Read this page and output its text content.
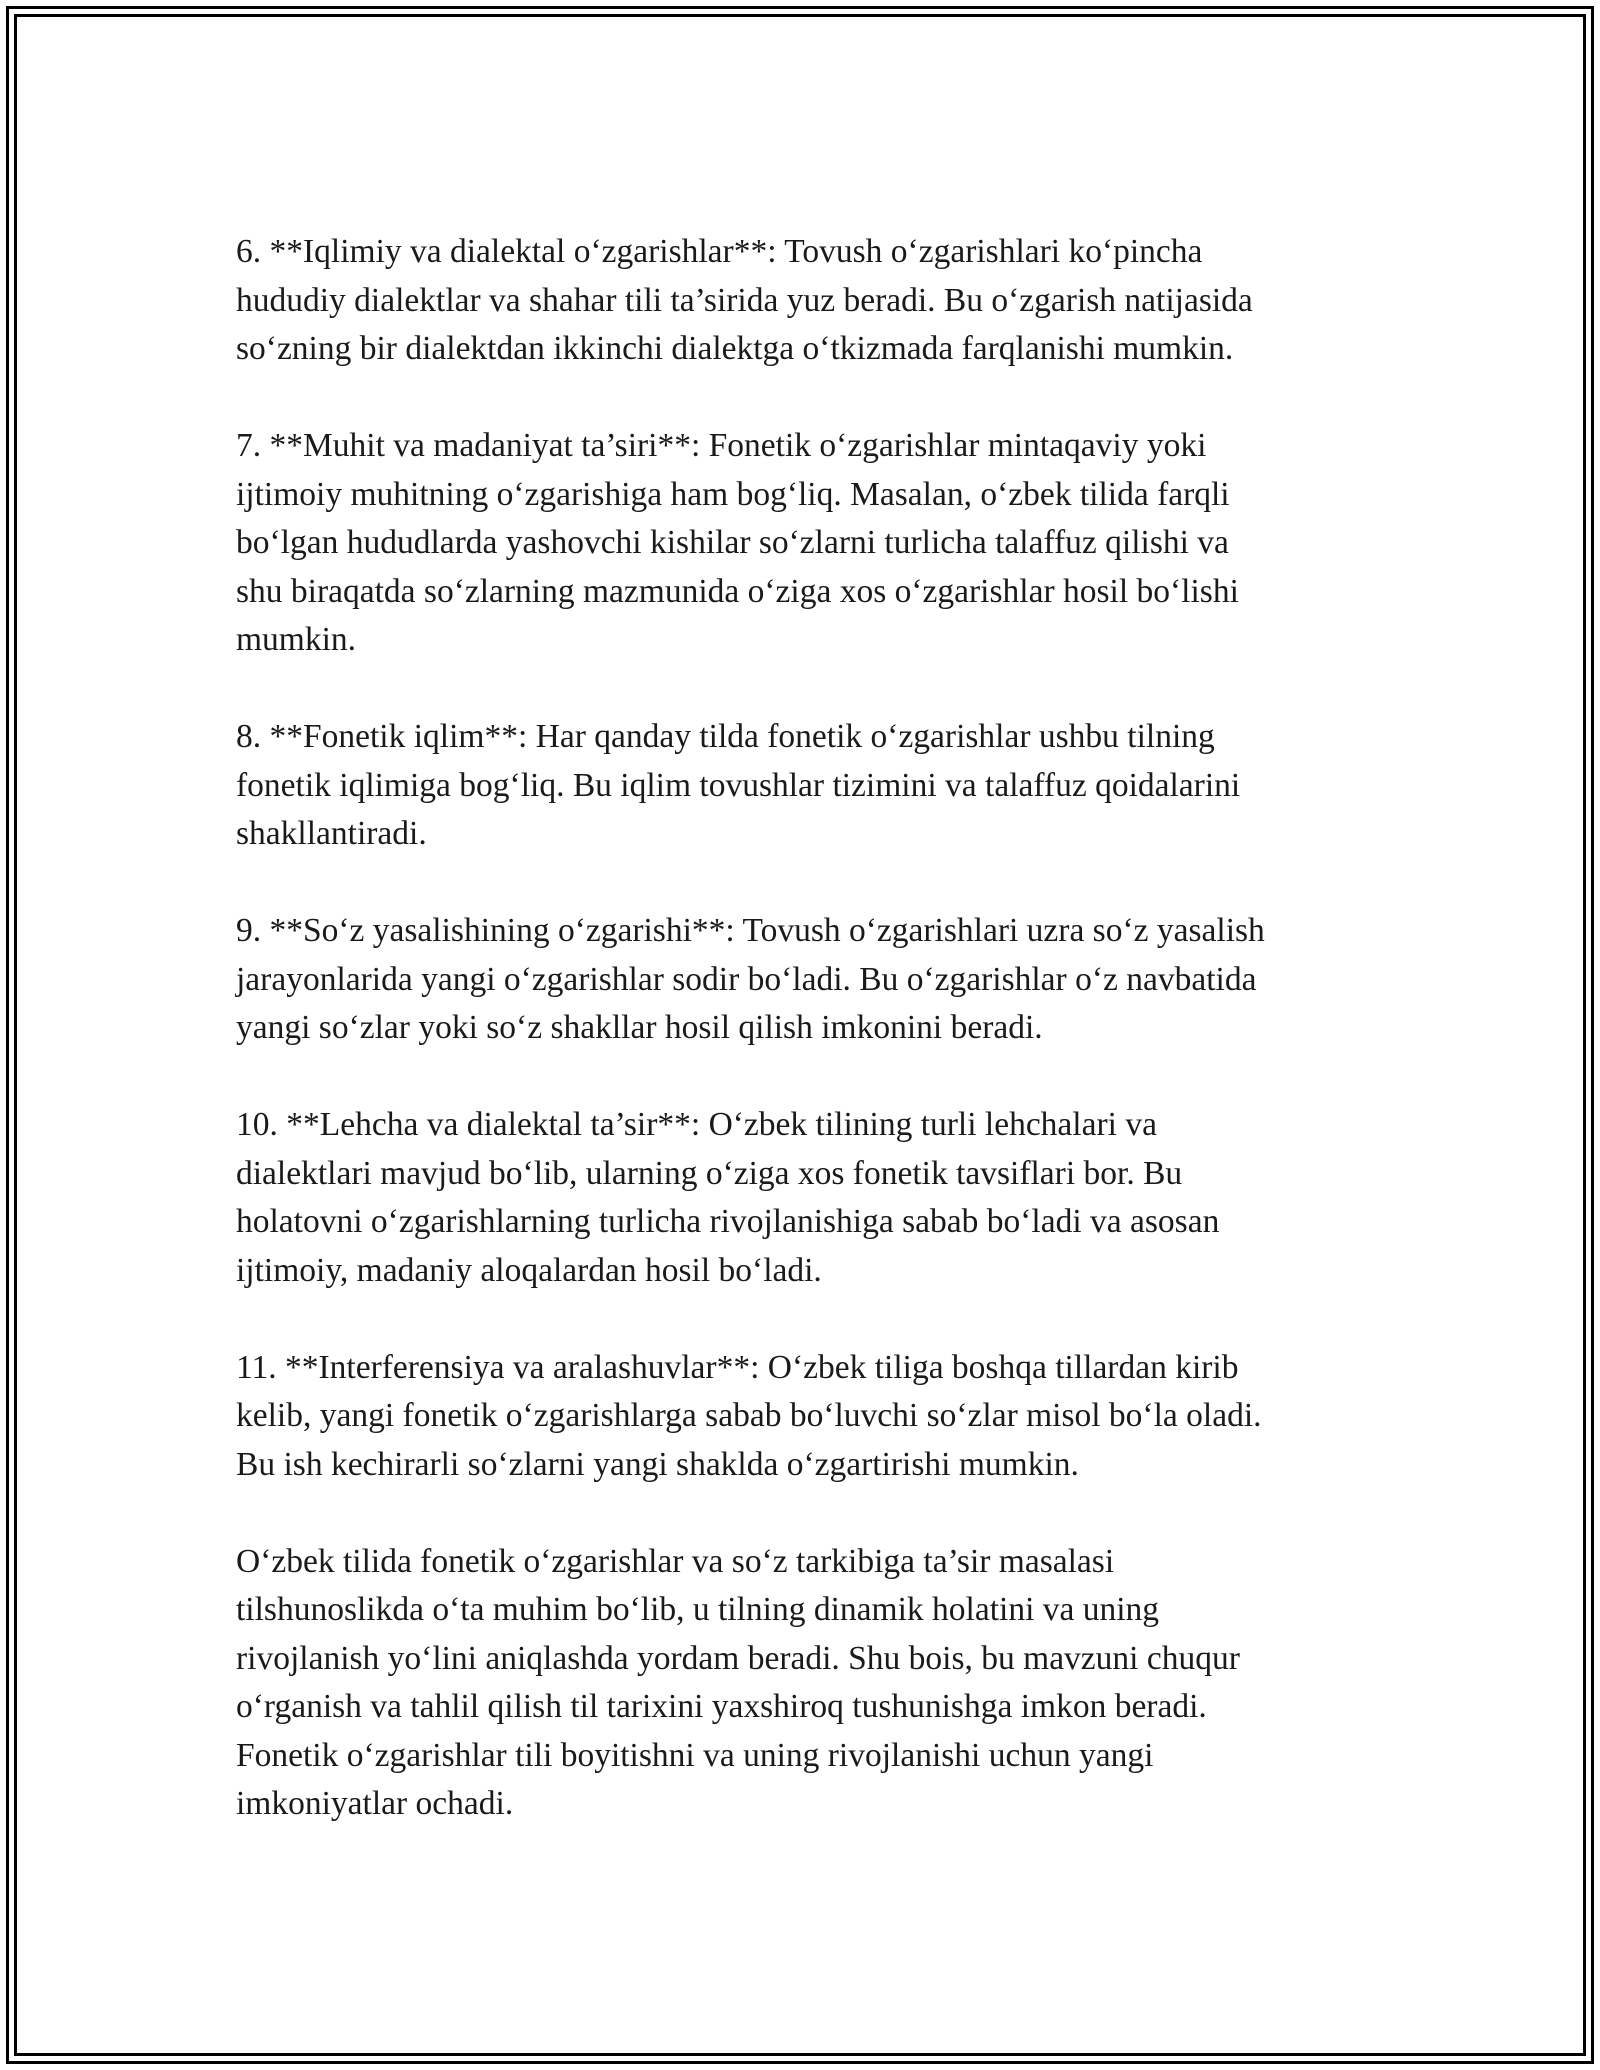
6. **Iqlimiy va dialektal o‘zgarishlar**: Tovush o‘zgarishlari ko‘pincha
hududiy dialektlar va shahar tili ta’sirida yuz beradi. Bu o‘zgarish natijasida
so‘zning bir dialektdan ikkinchi dialektga o‘tkizmada farqlanishi mumkin.

7. **Muhit va madaniyat ta’siri**: Fonetik o‘zgarishlar mintaqaviy yoki
ijtimoiy muhitning o‘zgarishiga ham bog‘liq. Masalan, o‘zbek tilida farqli
bo‘lgan hududlarda yashovchi kishilar so‘zlarni turlicha talaffuz qilishi va
shu biraqatda so‘zlarning mazmunida o‘ziga xos o‘zgarishlar hosil bo‘lishi
mumkin.

8. **Fonetik iqlim**: Har qanday tilda fonetik o‘zgarishlar ushbu tilning
fonetik iqlimiga bog‘liq. Bu iqlim tovushlar tizimini va talaffuz qoidalarini
shakllantiradi.

9. **So‘z yasalishining o‘zgarishi**: Tovush o‘zgarishlari uzra so‘z yasalish
jarayonlarida yangi o‘zgarishlar sodir bo‘ladi. Bu o‘zgarishlar o‘z navbatida
yangi so‘zlar yoki so‘z shakllar hosil qilish imkonini beradi.

10. **Lehcha va dialektal ta’sir**: O‘zbek tilining turli lehchalari va
dialektlari mavjud bo‘lib, ularning o‘ziga xos fonetik tavsiflari bor. Bu
holatovni o‘zgarishlarning turlicha rivojlanishiga sabab bo‘ladi va asosan
ijtimoiy, madaniy aloqalardan hosil bo‘ladi.

11. **Interferensiya va aralashuvlar**: O‘zbek tiliga boshqa tillardan kirib
kelib, yangi fonetik o‘zgarishlarga sabab bo‘luvchi so‘zlar misol bo‘la oladi.
Bu ish kechirarli so‘zlarni yangi shaklda o‘zgartirishi mumkin.

O‘zbek tilida fonetik o‘zgarishlar va so‘z tarkibiga ta’sir masalasi
tilshunoslikda o‘ta muhim bo‘lib, u tilning dinamik holatini va uning
rivojlanish yo‘lini aniqlashda yordam beradi. Shu bois, bu mavzuni chuqur
o‘rganish va tahlil qilish til tarixini yaxshiroq tushunishga imkon beradi.
Fonetik o‘zgarishlar tili boyitishni va uning rivojlanishi uchun yangi
imkoniyatlar ochadi.
